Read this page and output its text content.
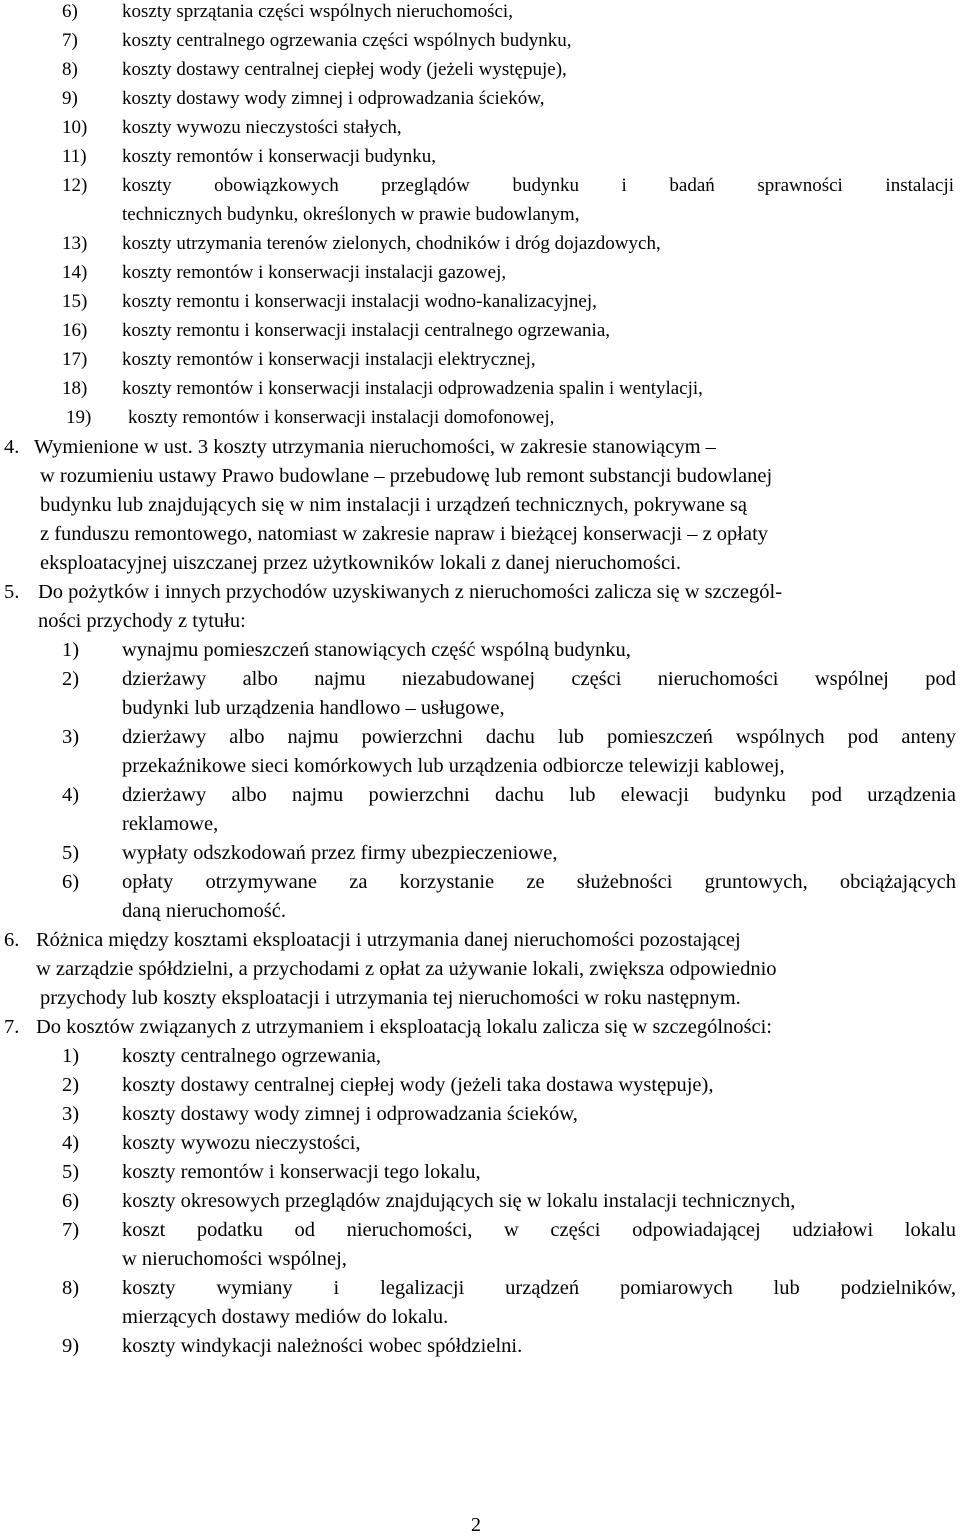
6) koszty sprzątania części wspólnych nieruchomości,
7) koszty centralnego ogrzewania części wspólnych budynku,
8) koszty dostawy centralnej ciepłej wody (jeżeli występuje),
9) koszty dostawy wody zimnej i odprowadzania ścieków,
10) koszty wywozu nieczystości stałych,
11) koszty remontów i konserwacji budynku,
12) koszty obowiązkowych przeglądów budynku i badań sprawności instalacji
technicznych budynku, określonych w prawie budowlanym,
13) koszty utrzymania terenów zielonych, chodników i dróg dojazdowych,
14) koszty remontów i konserwacji instalacji gazowej,
15) koszty remontu i konserwacji instalacji wodno-kanalizacyjnej,
16) koszty remontu i konserwacji instalacji centralnego ogrzewania,
17) koszty remontów i konserwacji instalacji elektrycznej,
18) koszty remontów i konserwacji instalacji odprowadzenia spalin i wentylacji,
19) koszty remontów i konserwacji instalacji domofonowej,
4. Wymienione w ust. 3 koszty utrzymania nieruchomości, w zakresie stanowiącym –
w rozumieniu ustawy Prawo budowlane – przebudowę lub remont substancji budowlanej
budynku lub znajdujących się w nim instalacji i urządzeń technicznych, pokrywane są
z funduszu remontowego, natomiast w zakresie napraw i bieżącej konserwacji – z opłaty
eksploatacyjnej uiszczanej przez użytkowników lokali z danej nieruchomości.
5. Do pożytków i innych przychodów uzyskiwanych z nieruchomości zalicza się w szczegól-
ności przychody z tytułu:
1) wynajmu pomieszczeń stanowiących część wspólną budynku,
2) dzierżawy albo najmu niezabudowanej części nieruchomości wspólnej pod
budynki lub urządzenia handlowo – usługowe,
3) dzierżawy albo najmu powierzchni dachu lub pomieszczeń wspólnych pod anteny
przekaźnikowe sieci komórkowych lub urządzenia odbiorcze telewizji kablowej,
4) dzierżawy albo najmu powierzchni dachu lub elewacji budynku pod urządzenia
reklamowe,
5) wypłaty odszkodowań przez firmy ubezpieczeniowe,
6) opłaty otrzymywane za korzystanie ze służebności gruntowych, obciążających
daną nieruchomość.
6. Różnica między kosztami eksploatacji i utrzymania danej nieruchomości pozostającej
w zarządzie spółdzielni, a przychodami z opłat za używanie lokali, zwiększa odpowiednio
przychody lub koszty eksploatacji i utrzymania tej nieruchomości w roku następnym.
7. Do kosztów związanych z utrzymaniem i eksploatacją lokalu zalicza się w szczególności:
1) koszty centralnego ogrzewania,
2) koszty dostawy centralnej ciepłej wody (jeżeli taka dostawa występuje),
3) koszty dostawy wody zimnej i odprowadzania ścieków,
4) koszty wywozu nieczystości,
5) koszty remontów i konserwacji tego lokalu,
6) koszty okresowych przeglądów znajdujących się w lokalu instalacji technicznych,
7) koszt podatku od nieruchomości, w części odpowiadającej udziałowi lokalu
w nieruchomości wspólnej,
8) koszty wymiany i legalizacji urządzeń pomiarowych lub podzielników,
mierzących dostawy mediów do lokalu.
9) koszty windykacji należności wobec spółdzielni.
2
